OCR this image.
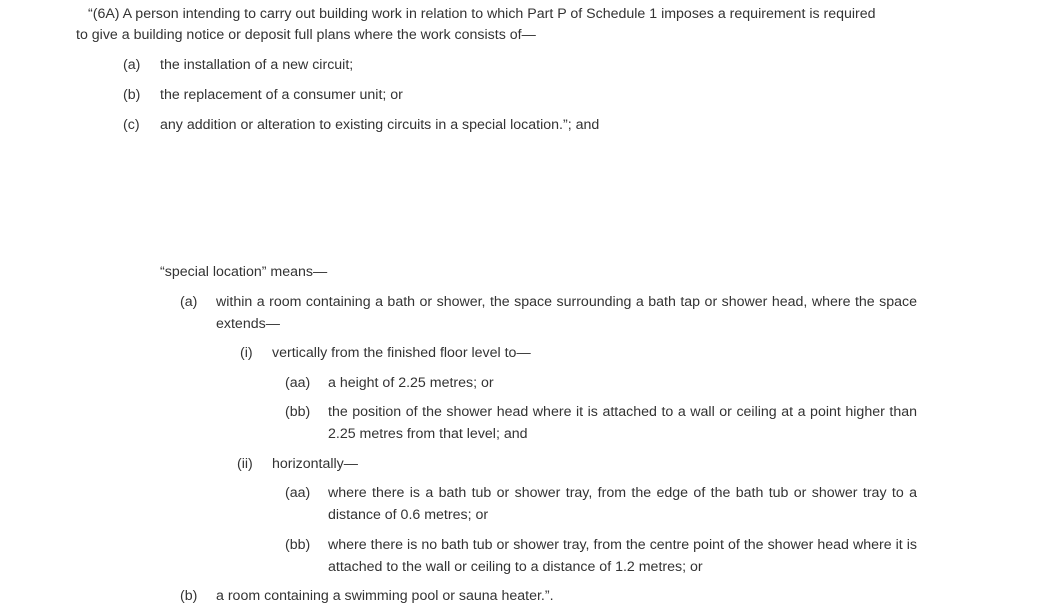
“(6A) A person intending to carry out building work in relation to which Part P of Schedule 1 imposes a requirement is required
to give a building notice or deposit full plans where the work consists of—
(a) the installation of a new circuit;
(b) the replacement of a consumer unit; or
(c) any addition or alteration to existing circuits in a special location.”; and
“special location” means—
(a) within a room containing a bath or shower, the space surrounding a bath tap or shower head, where the space extends—
(i) vertically from the finished floor level to—
(aa) a height of 2.25 metres; or
(bb) the position of the shower head where it is attached to a wall or ceiling at a point higher than 2.25 metres from that level; and
(ii) horizontally—
(aa) where there is a bath tub or shower tray, from the edge of the bath tub or shower tray to a distance of 0.6 metres; or
(bb) where there is no bath tub or shower tray, from the centre point of the shower head where it is attached to the wall or ceiling to a distance of 1.2 metres; or
(b) a room containing a swimming pool or sauna heater.”.
